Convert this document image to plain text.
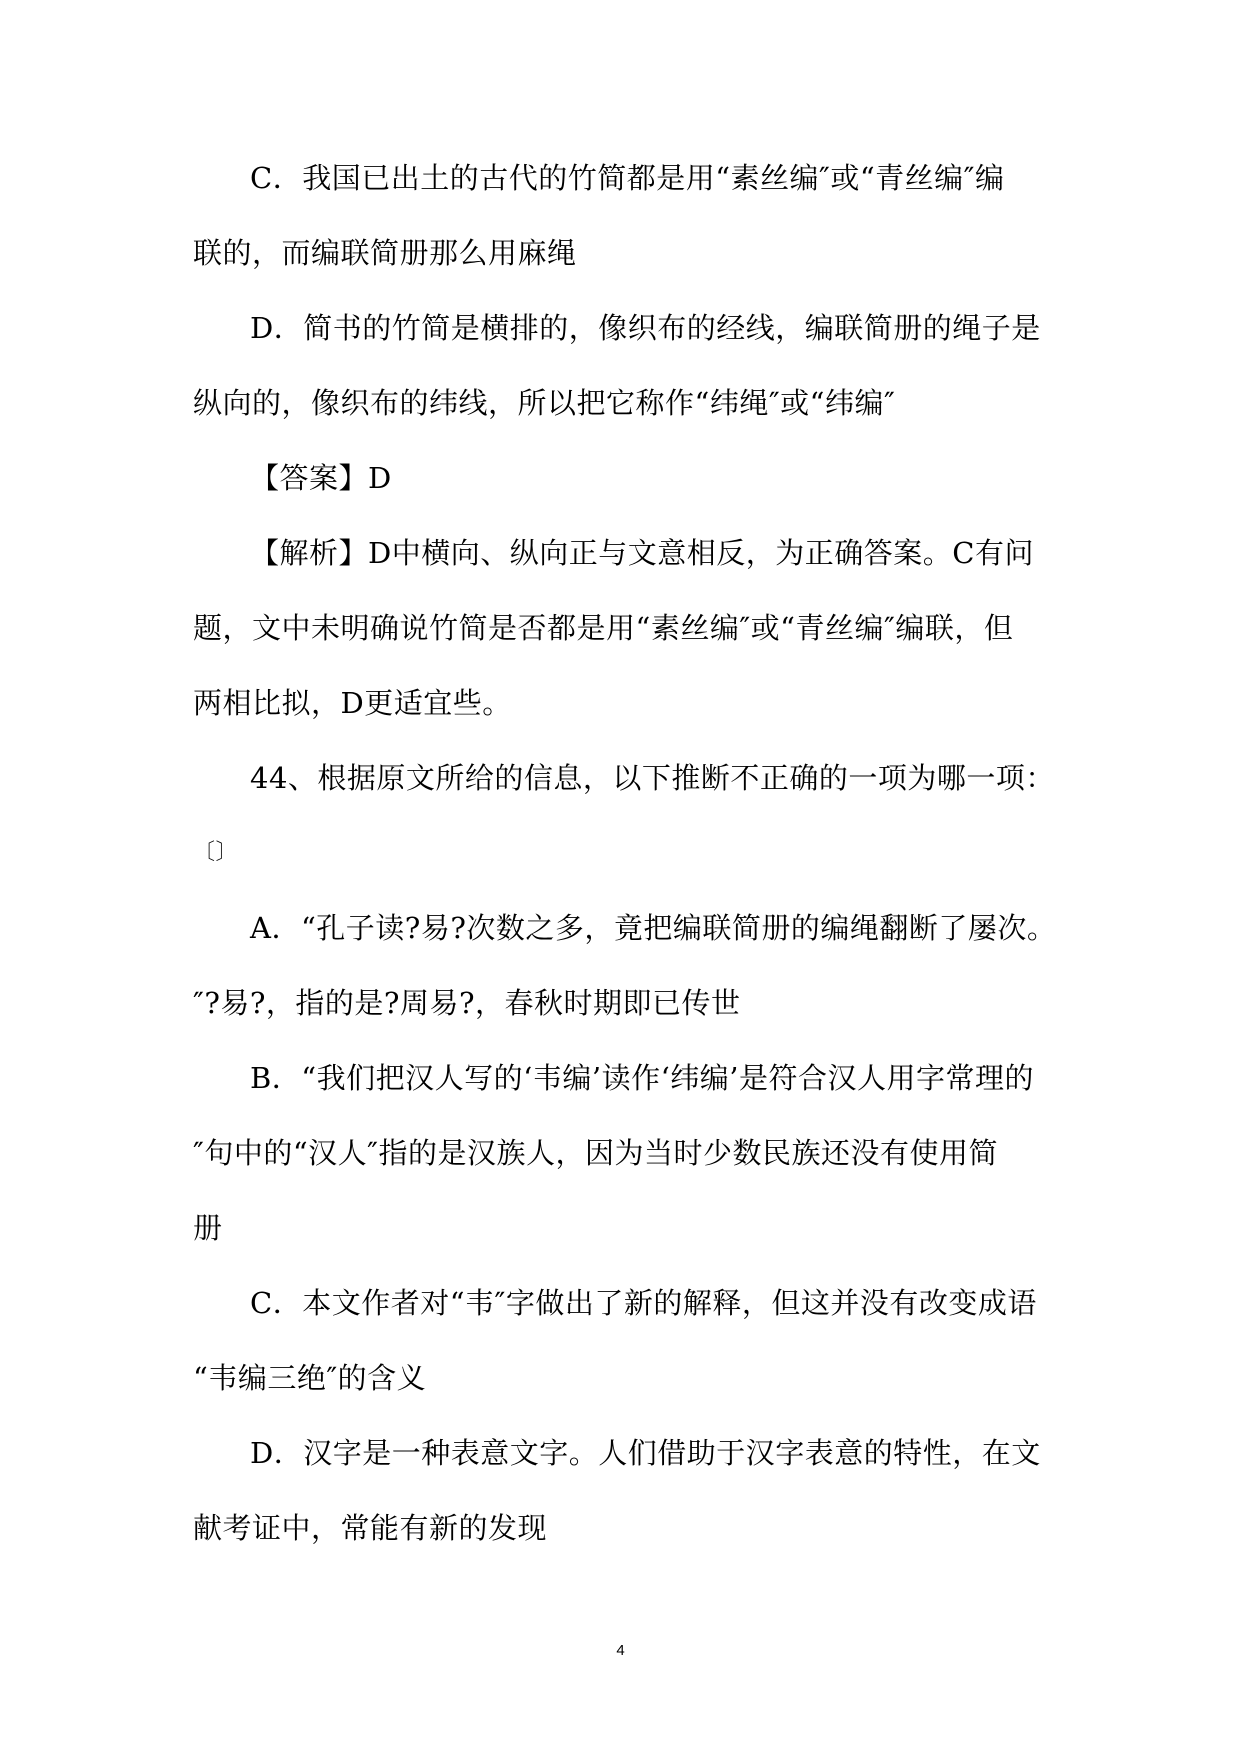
C．我国已出土的古代的竹简都是用“素丝编″或“青丝编″编
联的，而编联简册那么用麻绳
D．简书的竹简是横排的，像织布的经线，编联简册的绳子是
纵向的，像织布的纬线，所以把它称作“纬绳″或“纬编″
【答案】D
【解析】D中横向、纵向正与文意相反，为正确答案。C有问
题，文中未明确说竹简是否都是用“素丝编″或“青丝编″编联，但
两相比拟，D更适宜些。
44、根据原文所给的信息，以下推断不正确的一项为哪一项：
〔〕
A．“孔子读?易?次数之多，竟把编联简册的编绳翻断了屡次。
″?易?，指的是?周易?，春秋时期即已传世
B．“我们把汉人写的‘韦编’读作‘纬编’是符合汉人用字常理的
″句中的“汉人″指的是汉族人，因为当时少数民族还没有使用简
册
C．本文作者对“韦″字做出了新的解释，但这并没有改变成语
“韦编三绝″的含义
D．汉字是一种表意文字。人们借助于汉字表意的特性，在文
献考证中，常能有新的发现
4
